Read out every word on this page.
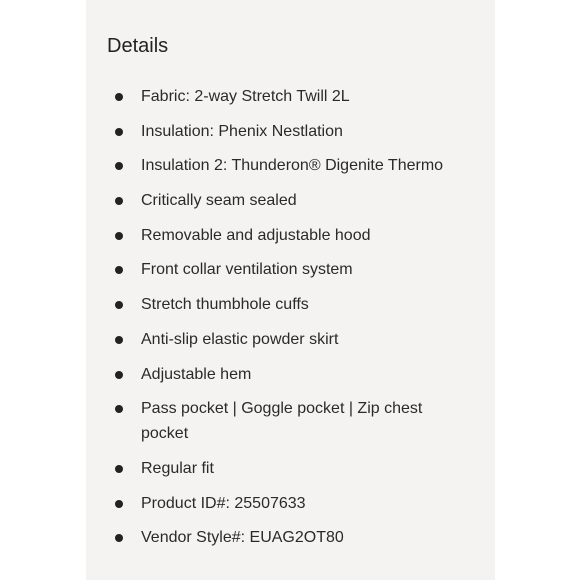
Details
Fabric: 2-way Stretch Twill 2L
Insulation: Phenix Nestlation
Insulation 2: Thunderon® Digenite Thermo
Critically seam sealed
Removable and adjustable hood
Front collar ventilation system
Stretch thumbhole cuffs
Anti-slip elastic powder skirt
Adjustable hem
Pass pocket | Goggle pocket | Zip chest pocket
Regular fit
Product ID#: 25507633
Vendor Style#: EUAG2OT80
